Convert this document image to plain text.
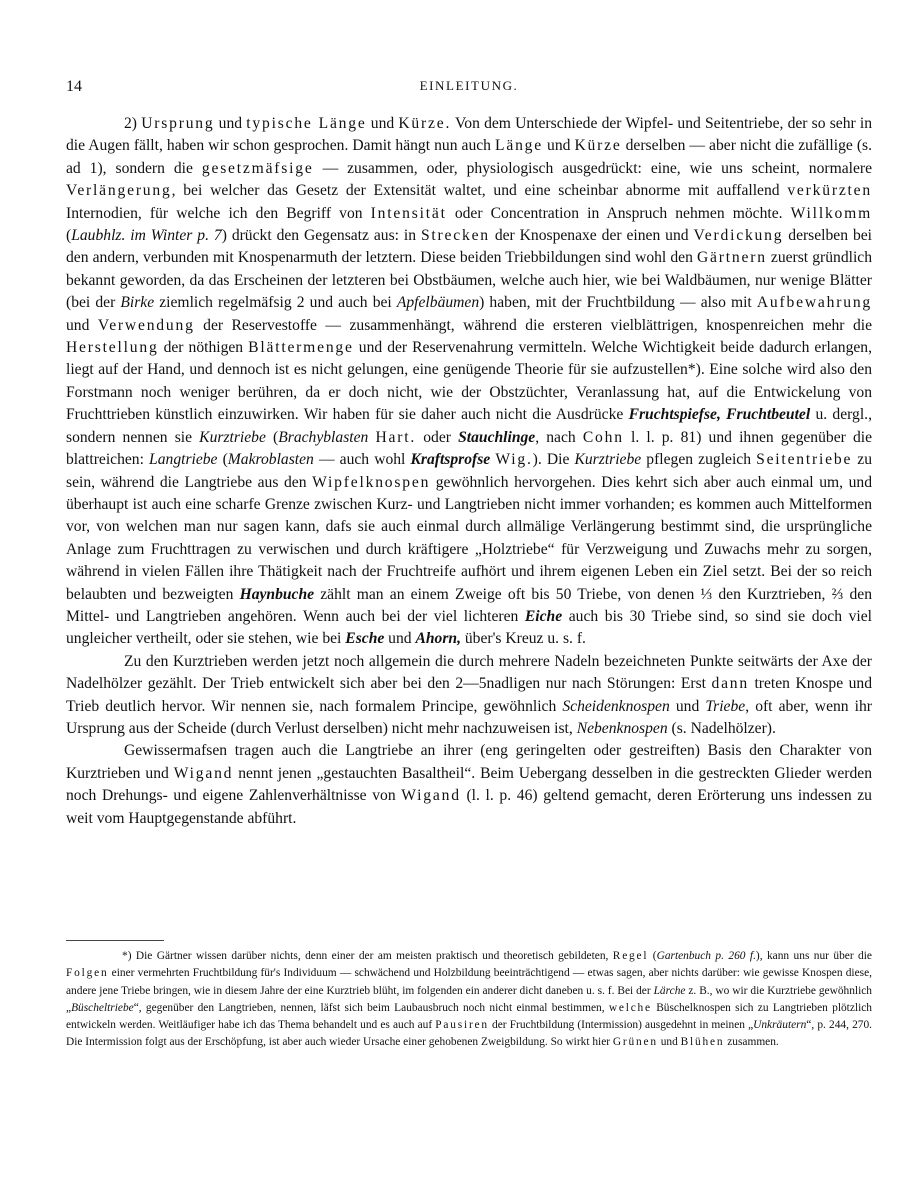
14	EINLEITUNG.

2) Ursprung und typische Länge und Kürze. Von dem Unterschiede der Wipfel- und Seitentriebe, der so sehr in die Augen fällt, haben wir schon gesprochen. Damit hängt nun auch Länge und Kürze derselben — aber nicht die zufällige (s. ad 1), sondern die gesetzmäfsige — zusammen, oder, physiologisch ausgedrückt: eine, wie uns scheint, normalere Verlängerung, bei welcher das Gesetz der Extensität waltet, und eine scheinbar abnorme mit auffallend verkürzten Internodien, für welche ich den Begriff von Intensität oder Concentration in Anspruch nehmen möchte. Willkomm (Laubhlz. im Winter p. 7) drückt den Gegensatz aus: in Strecken der Knospenaxe der einen und Verdickung derselben bei den andern, verbunden mit Knospenarmuth der letztern. Diese beiden Triebbildungen sind wohl den Gärtnern zuerst gründlich bekannt geworden, da das Erscheinen der letzteren bei Obstbäumen, welche auch hier, wie bei Waldbäumen, nur wenige Blätter (bei der Birke ziemlich regelmäfsig 2 und auch bei Apfelbäumen) haben, mit der Fruchtbildung — also mit Aufbewahrung und Verwendung der Reservestoffe — zusammenhängt, während die ersteren vielblättrigen, knospenreichen mehr die Herstellung der nöthigen Blättermenge und der Reservenahrung vermitteln. Welche Wichtigkeit beide dadurch erlangen, liegt auf der Hand, und dennoch ist es nicht gelungen, eine genügende Theorie für sie aufzustellen*). Eine solche wird also den Forstmann noch weniger berühren, da er doch nicht, wie der Obstzüchter, Veranlassung hat, auf die Entwickelung von Fruchttrieben künstlich einzuwirken. Wir haben für sie daher auch nicht die Ausdrücke Fruchtspiefse, Fruchtbeutel u. dergl., sondern nennen sie Kurztriebe (Brachyblasten Hart. oder Stauchlinge, nach Cohn l. l. p. 81) und ihnen gegenüber die blattreichen: Langtriebe (Makroblasten — auch wohl Kraftsprofse Wig.). Die Kurztriebe pflegen zugleich Seitentriebe zu sein, während die Langtriebe aus den Wipfelknospen gewöhnlich hervorgehen. Dies kehrt sich aber auch einmal um, und überhaupt ist auch eine scharfe Grenze zwischen Kurz- und Langtrieben nicht immer vorhanden; es kommen auch Mittelformen vor, von welchen man nur sagen kann, dafs sie auch einmal durch allmälige Verlängerung bestimmt sind, die ursprüngliche Anlage zum Fruchttragen zu verwischen und durch kräftigere „Holztriebe“ für Verzweigung und Zuwachs mehr zu sorgen, während in vielen Fällen ihre Thätigkeit nach der Fruchtreife aufhört und ihrem eigenen Leben ein Ziel setzt. Bei der so reich belaubten und bezweigten Haynbuche zählt man an einem Zweige oft bis 50 Triebe, von denen ⅓ den Kurztrieben, ⅔ den Mittel- und Langtrieben angehören. Wenn auch bei der viel lichteren Eiche auch bis 30 Triebe sind, so sind sie doch viel ungleicher vertheilt, oder sie stehen, wie bei Esche und Ahorn, über's Kreuz u. s. f.

Zu den Kurztrieben werden jetzt noch allgemein die durch mehrere Nadeln bezeichneten Punkte seitwärts der Axe der Nadelhölzer gezählt. Der Trieb entwickelt sich aber bei den 2—5nadligen nur nach Störungen: Erst dann treten Knospe und Trieb deutlich hervor. Wir nennen sie, nach formalem Principe, gewöhnlich Scheidenknospen und Triebe, oft aber, wenn ihr Ursprung aus der Scheide (durch Verlust derselben) nicht mehr nachzuweisen ist, Nebenknospen (s. Nadelhölzer).

Gewissermafsen tragen auch die Langtriebe an ihrer (eng geringelten oder gestreiften) Basis den Charakter von Kurztrieben und Wigand nennt jenen „gestauchten Basaltheil“. Beim Uebergang desselben in die gestreckten Glieder werden noch Drehungs- und eigene Zahlenverhältnisse von Wigand (l. l. p. 46) geltend gemacht, deren Erörterung uns indessen zu weit vom Hauptgegenstande abführt.

*) Die Gärtner wissen darüber nichts, denn einer der am meisten praktisch und theoretisch gebildeten, Regel (Gartenbuch p. 260 f.), kann uns nur über die Folgen einer vermehrten Fruchtbildung für's Individuum — schwächend und Holzbildung beeinträchtigend — etwas sagen, aber nichts darüber: wie gewisse Knospen diese, andere jene Triebe bringen, wie in diesem Jahre der eine Kurztrieb blüht, im folgenden ein anderer dicht daneben u. s. f. Bei der Lärche z. B., wo wir die Kurztriebe gewöhnlich „Büscheltriebe“, gegenüber den Langtrieben, nennen, läfst sich beim Laubausbruch noch nicht einmal bestimmen, welche Büschelknospen sich zu Langtrieben plötzlich entwickeln werden. Weitläufiger habe ich das Thema behandelt und es auch auf Pausiren der Fruchtbildung (Intermission) ausgedehnt in meinen „Unkräutern“, p. 244, 270. Die Intermission folgt aus der Erschöpfung, ist aber auch wieder Ursache einer gehobenen Zweigbildung. So wirkt hier Grünen und Blühen zusammen.
